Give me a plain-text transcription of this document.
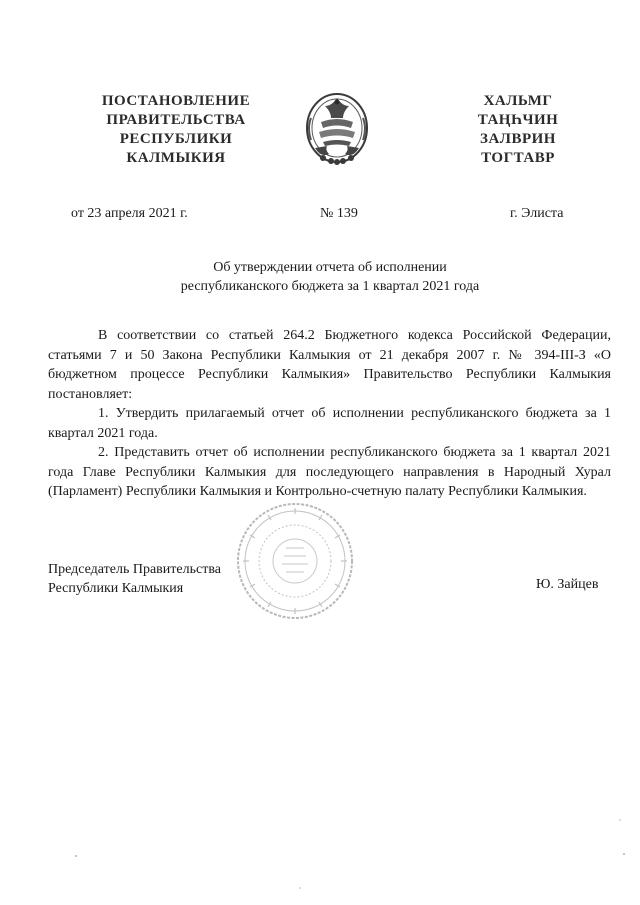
ПОСТАНОВЛЕНИЕ
ПРАВИТЕЛЬСТВА
РЕСПУБЛИКИ
КАЛМЫКИЯ
ХАЛЬМГ
ТАҢҺЧИН
ЗАЛВРИН
ТОГТАВР
от 23 апреля 2021 г.	№ 139	г. Элиста
Об утверждении отчета об исполнении
республиканского бюджета за 1 квартал 2021 года

В соответствии со статьей 264.2 Бюджетного кодекса Российской Федерации, статьями 7 и 50 Закона Республики Калмыкия от 21 декабря 2007 г. № 394-III-З «О бюджетном процессе Республики Калмыкия» Правительство Республики Калмыкия постановляет:

1. Утвердить прилагаемый отчет об исполнении республиканского бюджета за 1 квартал 2021 года.

2. Представить отчет об исполнении республиканского бюджета за 1 квартал 2021 года Главе Республики Калмыкия для последующего направления в Народный Хурал (Парламент) Республики Калмыкия и Контрольно-счетную палату Республики Калмыкия.

Председатель Правительства
Республики Калмыкия	Ю. Зайцев
